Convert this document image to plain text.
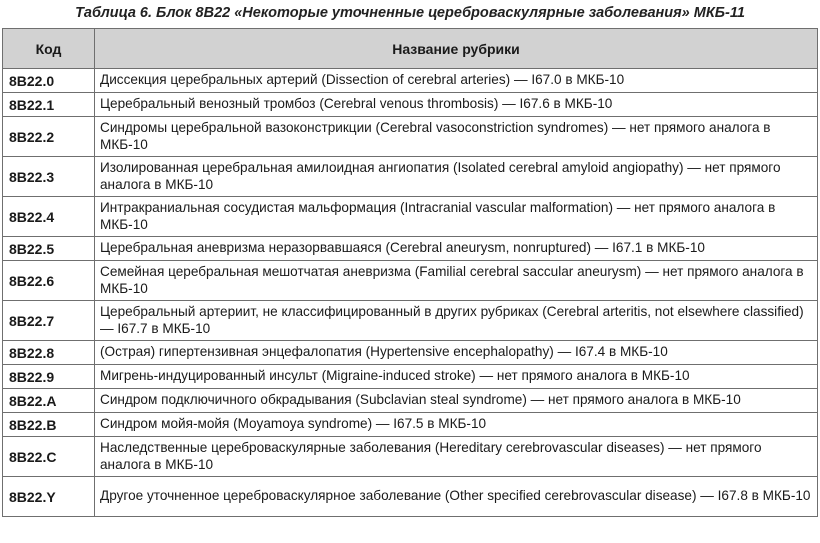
Таблица 6. Блок 8B22 «Некоторые уточненные цереброваскулярные заболевания» МКБ-11
Код	Название рубрики
8B22.0	Диссекция церебральных артерий (Dissection of cerebral arteries) — I67.0 в МКБ-10
8B22.1	Церебральный венозный тромбоз (Cerebral venous thrombosis) — I67.6 в МКБ-10
8B22.2	Синдромы церебральной вазоконстрикции (Cerebral vasoconstriction syndromes) — нет прямого аналога в МКБ-10
8B22.3	Изолированная церебральная амилоидная ангиопатия (Isolated cerebral amyloid angiopathy) — нет прямого аналога в МКБ-10
8B22.4	Интракраниальная сосудистая мальформация (Intracranial vascular malformation) — нет прямого аналога в МКБ-10
8B22.5	Церебральная аневризма неразорвавшаяся (Cerebral aneurysm, nonruptured) — I67.1 в МКБ-10
8B22.6	Семейная церебральная мешотчатая аневризма (Familial cerebral saccular aneurysm) — нет прямого аналога в МКБ-10
8B22.7	Церебральный артериит, не классифицированный в других рубриках (Cerebral arteritis, not elsewhere classified) — I67.7 в МКБ-10
8B22.8	(Острая) гипертензивная энцефалопатия (Hypertensive encephalopathy) — I67.4 в МКБ-10
8B22.9	Мигрень-индуцированный инсульт (Migraine-induced stroke) — нет прямого аналога в МКБ-10
8B22.A	Синдром подключичного обкрадывания (Subclavian steal syndrome) — нет прямого аналога в МКБ-10
8B22.B	Синдром мойя-мойя (Moyamoya syndrome) — I67.5 в МКБ-10
8B22.C	Наследственные цереброваскулярные заболевания (Hereditary cerebrovascular diseases) — нет прямого аналога в МКБ-10
8B22.Y	Другое уточненное цереброваскулярное заболевание (Other specified cerebrovascular disease) — I67.8 в МКБ-10
